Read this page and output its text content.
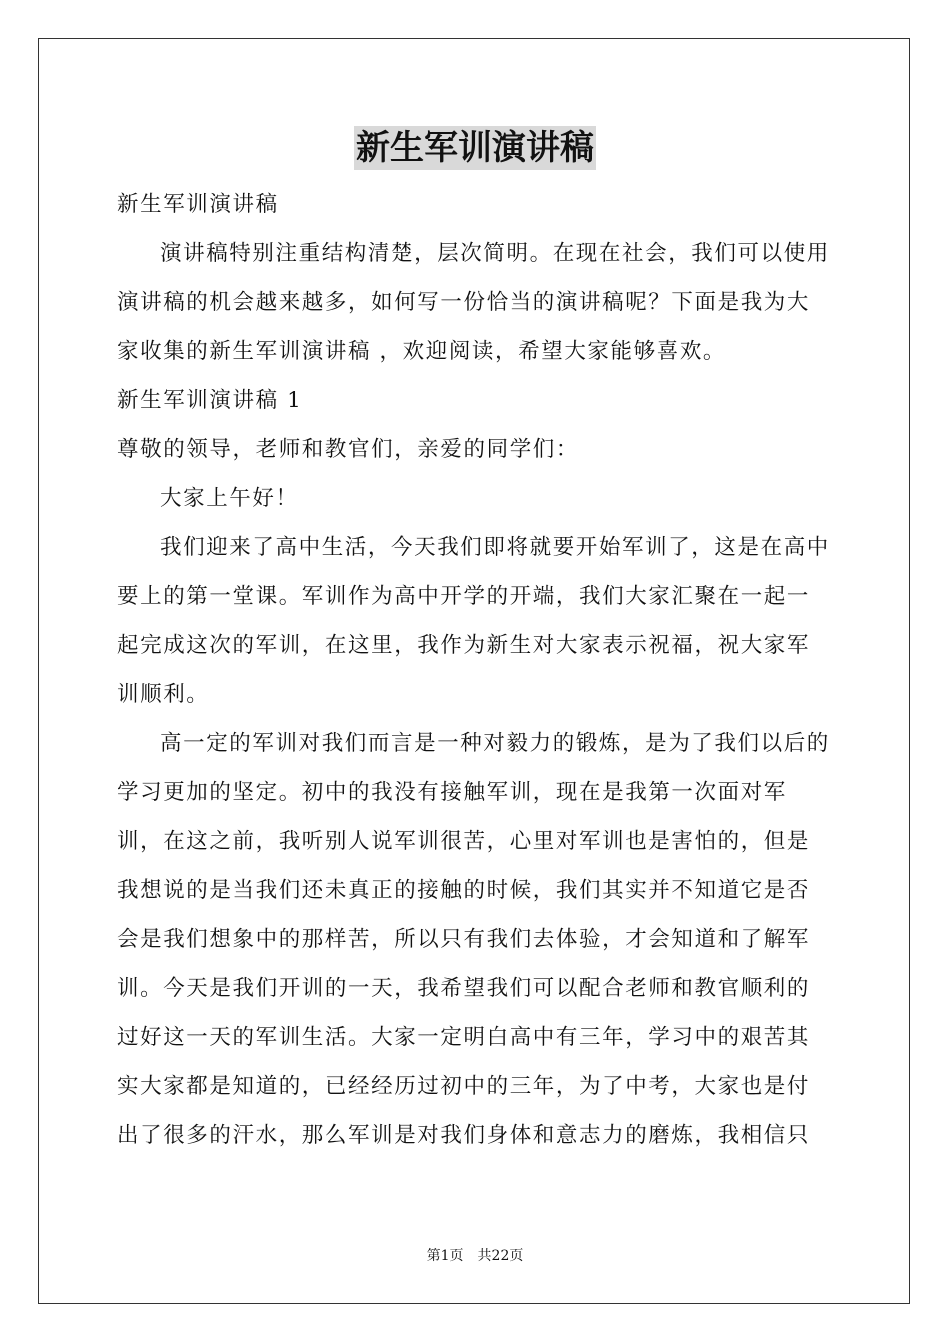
新生军训演讲稿

新生军训演讲稿

演讲稿特别注重结构清楚，层次简明。在现在社会，我们可以使用演讲稿的机会越来越多，如何写一份恰当的演讲稿呢？下面是我为大家收集的新生军训演讲稿 ，欢迎阅读，希望大家能够喜欢。

新生军训演讲稿 1

尊敬的领导，老师和教官们，亲爱的同学们：

大家上午好！

我们迎来了高中生活，今天我们即将就要开始军训了，这是在高中要上的第一堂课。军训作为高中开学的开端，我们大家汇聚在一起一起完成这次的军训，在这里，我作为新生对大家表示祝福，祝大家军训顺利。

高一定的军训对我们而言是一种对毅力的锻炼，是为了我们以后的学习更加的坚定。初中的我没有接触军训，现在是我第一次面对军训，在这之前，我听别人说军训很苦，心里对军训也是害怕的，但是我想说的是当我们还未真正的接触的时候，我们其实并不知道它是否会是我们想象中的那样苦，所以只有我们去体验，才会知道和了解军训。今天是我们开训的一天，我希望我们可以配合老师和教官顺利的过好这一天的军训生活。大家一定明白高中有三年，学习中的艰苦其实大家都是知道的，已经经历过初中的三年，为了中考，大家也是付出了很多的汗水，那么军训是对我们身体和意志力的磨炼，我相信只

第1页　共22页
